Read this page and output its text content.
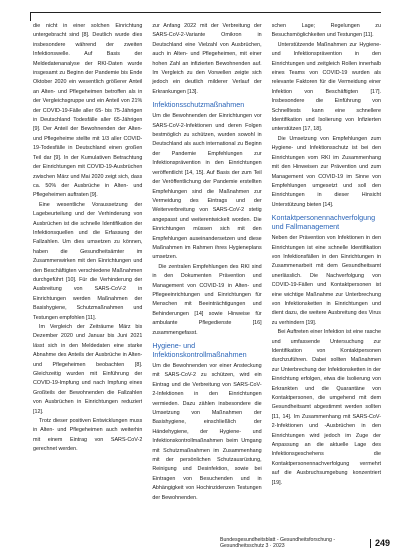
die nicht in einer solchen Einrichtung untergebracht sind [8]. Deutlich wurde dies insbesondere während der zweiten Infektionswelle. Auf Basis der Meldedatenanalyse der RKI-Daten wurde insgesamt zu Beginn der Pandemie bis Ende Oktober 2020 ein wesentlich größerer Anteil an Alten- und Pflegeheimen betroffen als in der Vergleichsgruppe und ein Anteil von 21% der COVID-19-Fälle aller 65- bis 75-Jährigen in Deutschland Todesfälle aller 65-Jährigen [9]. Der Anteil der Bewohnenden der Alten- und Pflegeheime stellte mit 1/3 aller COVID-19-Todesfälle in Deutschland einen großen Teil dar [9]. In der Kumulativen Betrachtung der Einrichtungen mit COVID-19-Ausbrüchen zwischen März und Mai 2020 zeigt sich, dass ca. 50% der Ausbrüche in Alten- und Pflegeheimen auftraten [9].

Eine wesentliche Voraussetzung der Lagebeurteilung und der Verhinderung von Ausbrüchen ist die schnelle Identifikation der Infektionsquellen und die Erfassung der Fallzahlen. Um dies umsetzen zu können, haben die Gesundheitsämter im Zusammenwirken mit den Einrichtungen und den Beschäftigten verschiedene Maßnahmen durchgeführt [10]. Für die Verhinderung der Ausbreitung von SARS-CoV-2 in Einrichtungen werden Maßnahmen der Basishygiene, Schutzmaßnahmen und Testungen empfohlen [11].

Im Vergleich der Zeiträume März bis Dezember 2020 und Januar bis Juni 2021 lässt sich in den Meldedaten eine starke Abnahme des Anteils der Ausbrüche in Alten- und Pflegeheimen beobachten [8]. Gleichzeitig wurden mit Einführung der COVID-19-Impfung und nach Impfung eines Großteils der Bewohnenden die Fallzahlen von Ausbrüchen in Einrichtungen reduziert [12].

Trotz dieser positiven Entwicklungen muss in Alten- und Pflegeheimen auch weiterhin mit einem Eintrag von SARS-CoV-2 gerechnet werden.

zur Anfang 2022 mit der Verbreitung der SARS-CoV-2-Variante Omikron in Deutschland eine Vielzahl von Ausbrüchen, auch in Alten- und Pflegeheimen, mit einer hohen Zahl an infizierten Bewohnenden auf. Im Vergleich zu den Vorwellen zeigte sich jedoch ein deutlich milderer Verlauf der Erkrankungen [13].

Infektionsschutzmaßnahmen

Um die Bewohnenden der Einrichtungen vor SARS-CoV-2-Infektionen und deren Folgen bestmöglich zu schützen, wurden sowohl in Deutschland als auch international zu Beginn der Pandemie Empfehlungen zur Infektionsprävention in den Einrichtungen veröffentlicht [14, 15]. Auf Basis der zum Teil der Veröffentlichung der Pandemie erstellten Empfehlungen sind die Maßnahmen zur Vermeidung des Eintrags und der Weiterverbreitung von SARS-CoV-2 stetig angepasst und weiterentwickelt worden. Die Einrichtungen müssen sich mit den Empfehlungen auseinandersetzen und diese Maßnahmen im Rahmen ihres Hygieneplans umsetzen.

Die zentralen Empfehlungen des RKI sind in den Dokumenten Prävention und Management von COVID-19 in Alten- und Pflegeeinrichtungen und Einrichtungen für Menschen mit Beeinträchtigungen und Behinderungen [14] sowie Hinweise für ambulante Pflegedienste [16] zusammengefasst.

Hygiene- und Infektionskontrollmaßnahmen

Um die Bewohnenden vor einer Ansteckung mit SARS-CoV-2 zu schützen, wird ein Eintrag und die Verbreitung von SARS-CoV-2-Infektionen in den Einrichtungen vermieden. Dazu zählen insbesondere die Umsetzung von Maßnahmen der Basishygiene, einschließlich der Händehygiene, der Hygiene- und Infektionskontrollmaßnahmen beim Umgang mit Schutzmaßnahmen im Zusammenhang mit der persönlichen Schutzausrüstung, Reinigung und Desinfektion, sowie bei Eintragen von Besuchenden und in Abhängigkeit von Hochinzidenzen Testungen der Bewohnenden.

schen Lage; Regelungen zu Besuchsmöglichkeiten und Testungen [11].

Unterstützende Maßnahmen zur Hygiene- und Infektionsprävention in den Einrichtungen und zeitgleich Rollen innerhalb eines Teams von COVID-19 wurden als relevante Faktoren für die Vermeidung einer Infektion von Beschäftigten [17]. Insbesondere die Einführung von Schnelltests kann eine schnellere Identifikation und Isolierung von Infizierten unterstützen [17, 18].

Die Umsetzung von Empfehlungen zum Hygiene- und Infektionsschutz ist bei den Einrichtungen vom RKI im Zusammenhang mit den Hinweisen zur Prävention und zum Management von COVID-19 im Sinne von Empfehlungen umgesetzt und soll den Einrichtungen in dieser Hinsicht Unterstützung bieten [14].

Kontaktpersonennachverfolgung und Fallmanagement

Neben der Prävention von Infektionen in den Einrichtungen ist eine schnelle Identifikation von Infektionsfällen in den Einrichtungen in Zusammenarbeit mit dem Gesundheitsamt unerlässlich. Die Nachverfolgung von COVID-19-Fällen und Kontaktpersonen ist eine wichtige Maßnahme zur Unterbrechung von Infektionsketten in Einrichtungen und dient dazu, die weitere Ausbreitung des Virus zu verhindern [19].

Bei Auftreten einer Infektion ist eine rasche und umfassende Untersuchung zur Identifikation von Kontaktpersonen durchzuführen. Dabei sollten Maßnahmen zur Unterbrechung der Infektionsketten in der Einrichtung erfolgen, etwa die Isolierung von Erkrankten und die Quarantäne von Kontaktpersonen, die umgehend mit dem Gesundheitsamt abgestimmt werden sollten [11, 14]. Im Zusammenhang mit SARS-CoV-2-Infektionen und -Ausbrüchen in den Einrichtungen wird jedoch im Zuge der Anpassung an die aktuelle Lage des Infektionsgeschehens die Kontaktpersonennachverfolgung vermehrt auf die Ausbruchsumgebung konzentriert [19].

Bundesgesundheitsblatt - Gesundheitsforschung - Gesundheitsschutz 3 · 2023	249
